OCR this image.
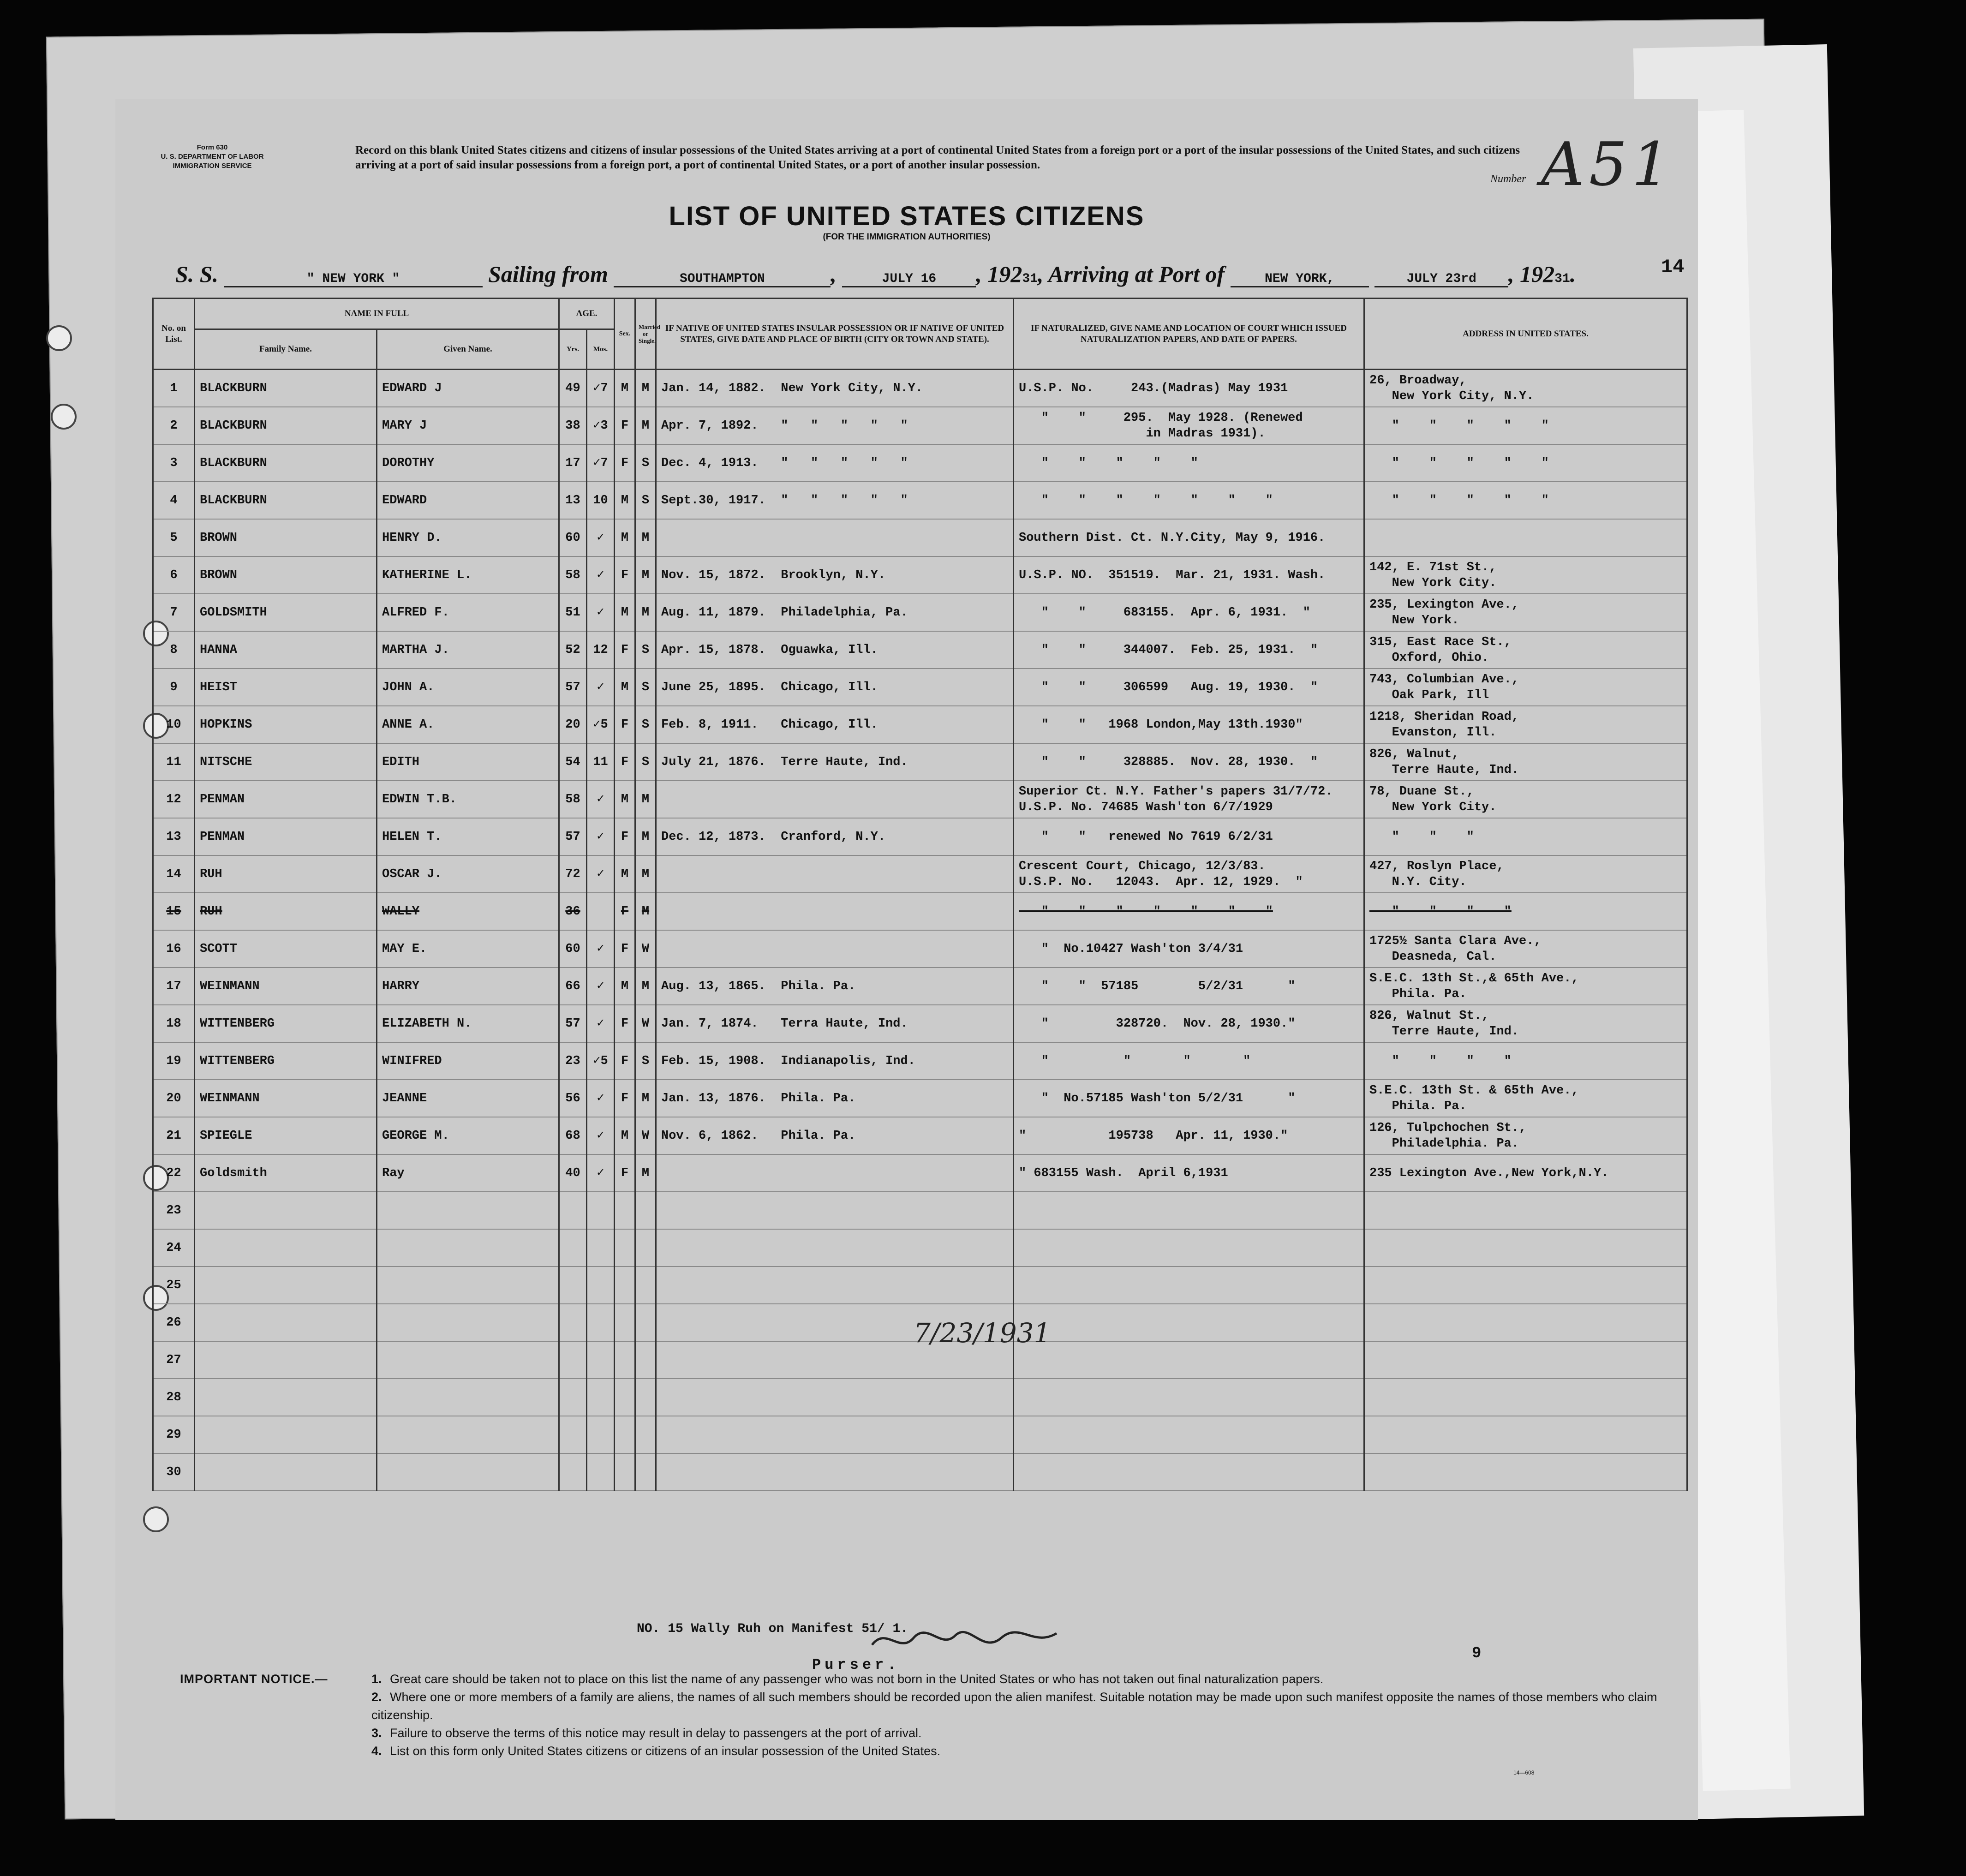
Form 630
U. S. DEPARTMENT OF LABOR
IMMIGRATION SERVICE
Record on this blank United States citizens and citizens of insular possessions of the United States arriving at a port of continental United States from a foreign port or a port of the insular possessions of the United States, and such citizens arriving at a port of said insular possessions from a foreign port, a port of continental United States, or a port of another insular possession.
Number A51
LIST OF UNITED STATES CITIZENS
(FOR THE IMMIGRATION AUTHORITIES)
S. S.	" NEW YORK "	Sailing from	SOUTHAMPTON	,	JULY 16 , 19231, Arriving at Port of	NEW YORK,	JULY 23rd , 19231.	14
No. on List.	NAME IN FULL		AGE.		Sex.	Married or Single.	IF NATIVE OF UNITED STATES INSULAR POSSESSION OR IF NATIVE OF UNITED STATES, GIVE DATE AND PLACE OF BIRTH (CITY OR TOWN AND STATE).	IF NATURALIZED, GIVE NAME AND LOCATION OF COURT WHICH ISSUED NATURALIZATION PAPERS, AND DATE OF PAPERS.	ADDRESS IN UNITED STATES.
	Family Name.	Given Name.	Yrs.	Mos.					
1	BLACKBURN	EDWARD J	49	✓7	M	M	Jan. 14, 1882.  New York City, N.Y.	U.S.P. No.     243.(Madras) May 1931	26, Broadway,
New York City, N.Y.
2	BLACKBURN	MARY J	38	✓3	F	M	Apr. 7, 1892.   "   "   "   "   "	"    "     295.  May 1928. (Renewed
in Madras 1931).	"    "    "    "    "
3	BLACKBURN	DOROTHY	17	✓7	F	S	Dec. 4, 1913.   "   "   "   "   "	"    "    "    "    "	"    "    "    "    "
4	BLACKBURN	EDWARD	13	10	M	S	Sept.30, 1917.  "   "   "   "   "	"    "    "    "    "    "    "	"    "    "    "    "
5	BROWN	HENRY D.	60	✓	M	M		Southern Dist. Ct. N.Y.City, May 9, 1916.	
6	BROWN	KATHERINE L.	58	✓	F	M	Nov. 15, 1872.  Brooklyn, N.Y.	U.S.P. NO.  351519.  Mar. 21, 1931. Wash.	142, E. 71st St.,
New York City.
7	GOLDSMITH	ALFRED F.	51	✓	M	M	Aug. 11, 1879.  Philadelphia, Pa.	"    "     683155.  Apr. 6, 1931.  "	235, Lexington Ave.,
New York.
8	HANNA	MARTHA J.	52	12	F	S	Apr. 15, 1878.  Oguawka, Ill.	"    "     344007.  Feb. 25, 1931.  "	315, East Race St.,
Oxford, Ohio.
9	HEIST	JOHN A.	57	✓	M	S	June 25, 1895.  Chicago, Ill.	"    "     306599   Aug. 19, 1930.  "	743, Columbian Ave.,
Oak Park, Ill
10	HOPKINS	ANNE A.	20	✓5	F	S	Feb. 8, 1911.   Chicago, Ill.	"    "   1968 London,May 13th.1930"	1218, Sheridan Road,
Evanston, Ill.
11	NITSCHE	EDITH	54	11	F	S	July 21, 1876.  Terre Haute, Ind.	"    "     328885.  Nov. 28, 1930.  "	826, Walnut,
Terre Haute, Ind.
12	PENMAN	EDWIN T.B.	58	✓	M	M		Superior Ct. N.Y. Father's papers 31/7/72.
U.S.P. No. 74685 Wash'ton 6/7/1929	78, Duane St.,
New York City.
13	PENMAN	HELEN T.	57	✓	F	M	Dec. 12, 1873.  Cranford, N.Y.	"    "   renewed No 7619 6/2/31	"    "    "
14	RUH	OSCAR J.	72	✓	M	M		Crescent Court, Chicago, 12/3/83.
U.S.P. No.   12043.  Apr. 12, 1929.  "	427, Roslyn Place,
N.Y. City.
15	RUH	WALLY	36		F	M		"    "    "    "    "    "    "	"    "    "    "
16	SCOTT	MAY E.	60	✓	F	W		"  No.10427 Wash'ton 3/4/31	1725½ Santa Clara Ave.,
Deasneda, Cal.
17	WEINMANN	HARRY	66	✓	M	M	Aug. 13, 1865.  Phila. Pa.	"    "  57185        5/2/31      "	S.E.C. 13th St.,& 65th Ave.,
Phila. Pa.
18	WITTENBERG	ELIZABETH N.	57	✓	F	W	Jan. 7, 1874.   Terra Haute, Ind.	"         328720.  Nov. 28, 1930."	826, Walnut St.,
Terre Haute, Ind.
19	WITTENBERG	WINIFRED	23	✓5	F	S	Feb. 15, 1908.  Indianapolis, Ind.	"          "       "       "	"    "    "    "
20	WEINMANN	JEANNE	56	✓	F	M	Jan. 13, 1876.  Phila. Pa.	"  No.57185 Wash'ton 5/2/31      "	S.E.C. 13th St. & 65th Ave.,
Phila. Pa.
21	SPIEGLE	GEORGE M.	68	✓	M	W	Nov. 6, 1862.   Phila. Pa.	"           195738   Apr. 11, 1930."	126, Tulpchochen St.,
Philadelphia. Pa.
22	Goldsmith	Ray	40	✓	F	M		" 683155 Wash.  April 6,1931	235 Lexington Ave.,New York,N.Y.
23									
24									
25									
26									
27									
28									
29									
30									
7/23/1931
NO. 15 Wally Ruh on Manifest 51/ 1.
Purser.
9
IMPORTANT NOTICE.—	1. Great care should be taken not to place on this list the name of any passenger who was not born in the United States or who has not taken out final naturalization papers.
2. Where one or more members of a family are aliens, the names of all such members should be recorded upon the alien manifest. Suitable notation may be made upon such manifest opposite the names of those members who claim citizenship.
3. Failure to observe the terms of this notice may result in delay to passengers at the port of arrival.
4. List on this form only United States citizens or citizens of an insular possession of the United States.
14—608
